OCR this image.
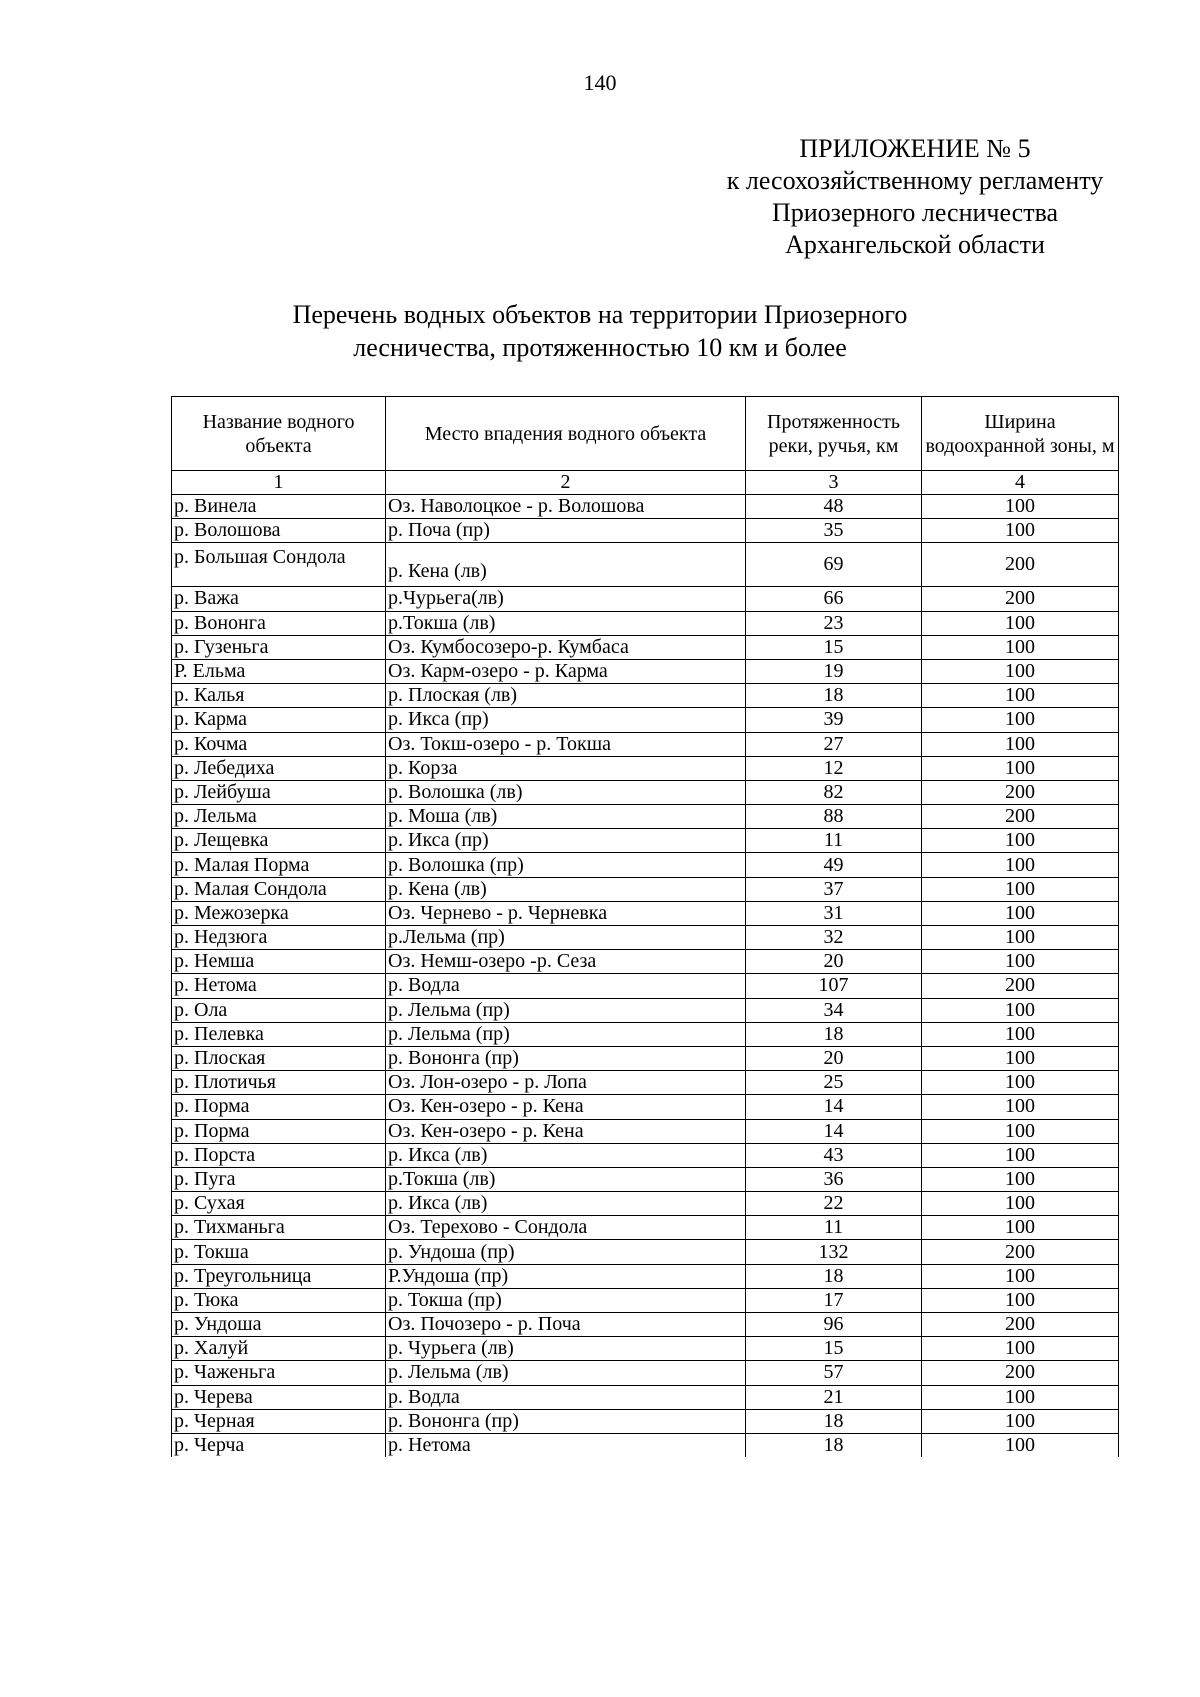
140
ПРИЛОЖЕНИЕ № 5
к лесохозяйственному регламенту
Приозерного лесничества
Архангельской области
Перечень водных объектов на территории Приозерного
лесничества, протяженностью 10 км и более
Название водного объекта	Место впадения водного объекта	Протяженность реки, ручья, км	Ширина водоохранной зоны, м
1	2	3	4
р. Винела	Оз. Наволоцкое - р. Волошова	48	100
р. Волошова	р. Поча (пр)	35	100
р. Большая Сондола	р. Кена (лв)	69	200
р. Важа	р.Чурьега(лв)	66	200
р. Вононга	р.Токша (лв)	23	100
р. Гузеньга	Оз. Кумбосозеро-р. Кумбаса	15	100
Р. Ельма	Оз. Карм-озеро - р. Карма	19	100
р. Калья	р. Плоская (лв)	18	100
р. Карма	р. Икса (пр)	39	100
р. Кочма	Оз. Токш-озеро - р. Токша	27	100
р. Лебедиха	р. Корза	12	100
р. Лейбуша	р. Волошка (лв)	82	200
р. Лельма	р. Моша (лв)	88	200
р. Лещевка	р. Икса (пр)	11	100
р. Малая Порма	р. Волошка (пр)	49	100
р. Малая Сондола	р. Кена (лв)	37	100
р. Межозерка	Оз. Черневo - р. Черневка	31	100
р. Недзюга	р.Лельма (пр)	32	100
р. Немша	Оз. Немш-озеро -р. Сеза	20	100
р. Нетома	р. Водла	107	200
р. Ола	р. Лельма (пр)	34	100
р. Пелевка	р. Лельма (пр)	18	100
р. Плоская	р. Вононга (пр)	20	100
р. Плотичья	Оз. Лон-озеро - р. Лопа	25	100
р. Порма	Оз. Кен-озеро - р. Кена	14	100
р. Порма	Оз. Кен-озеро - р. Кена	14	100
р. Порста	р. Икса (лв)	43	100
р. Пуга	р.Токша (лв)	36	100
р. Сухая	р. Икса (лв)	22	100
р. Тихманьга	Оз. Терехово - Сондола	11	100
р. Токша	р. Ундоша (пр)	132	200
р. Треугольница	Р.Ундоша (пр)	18	100
р. Тюка	р. Токша (пр)	17	100
р. Ундоша	Оз. Почозеро - р. Поча	96	200
р. Халуй	р. Чурьега (лв)	15	100
р. Чаженьга	р. Лельма (лв)	57	200
р. Черева	р. Водла	21	100
р. Черная	р. Вононга (пр)	18	100
р. Черча	р. Нетома	18	100
